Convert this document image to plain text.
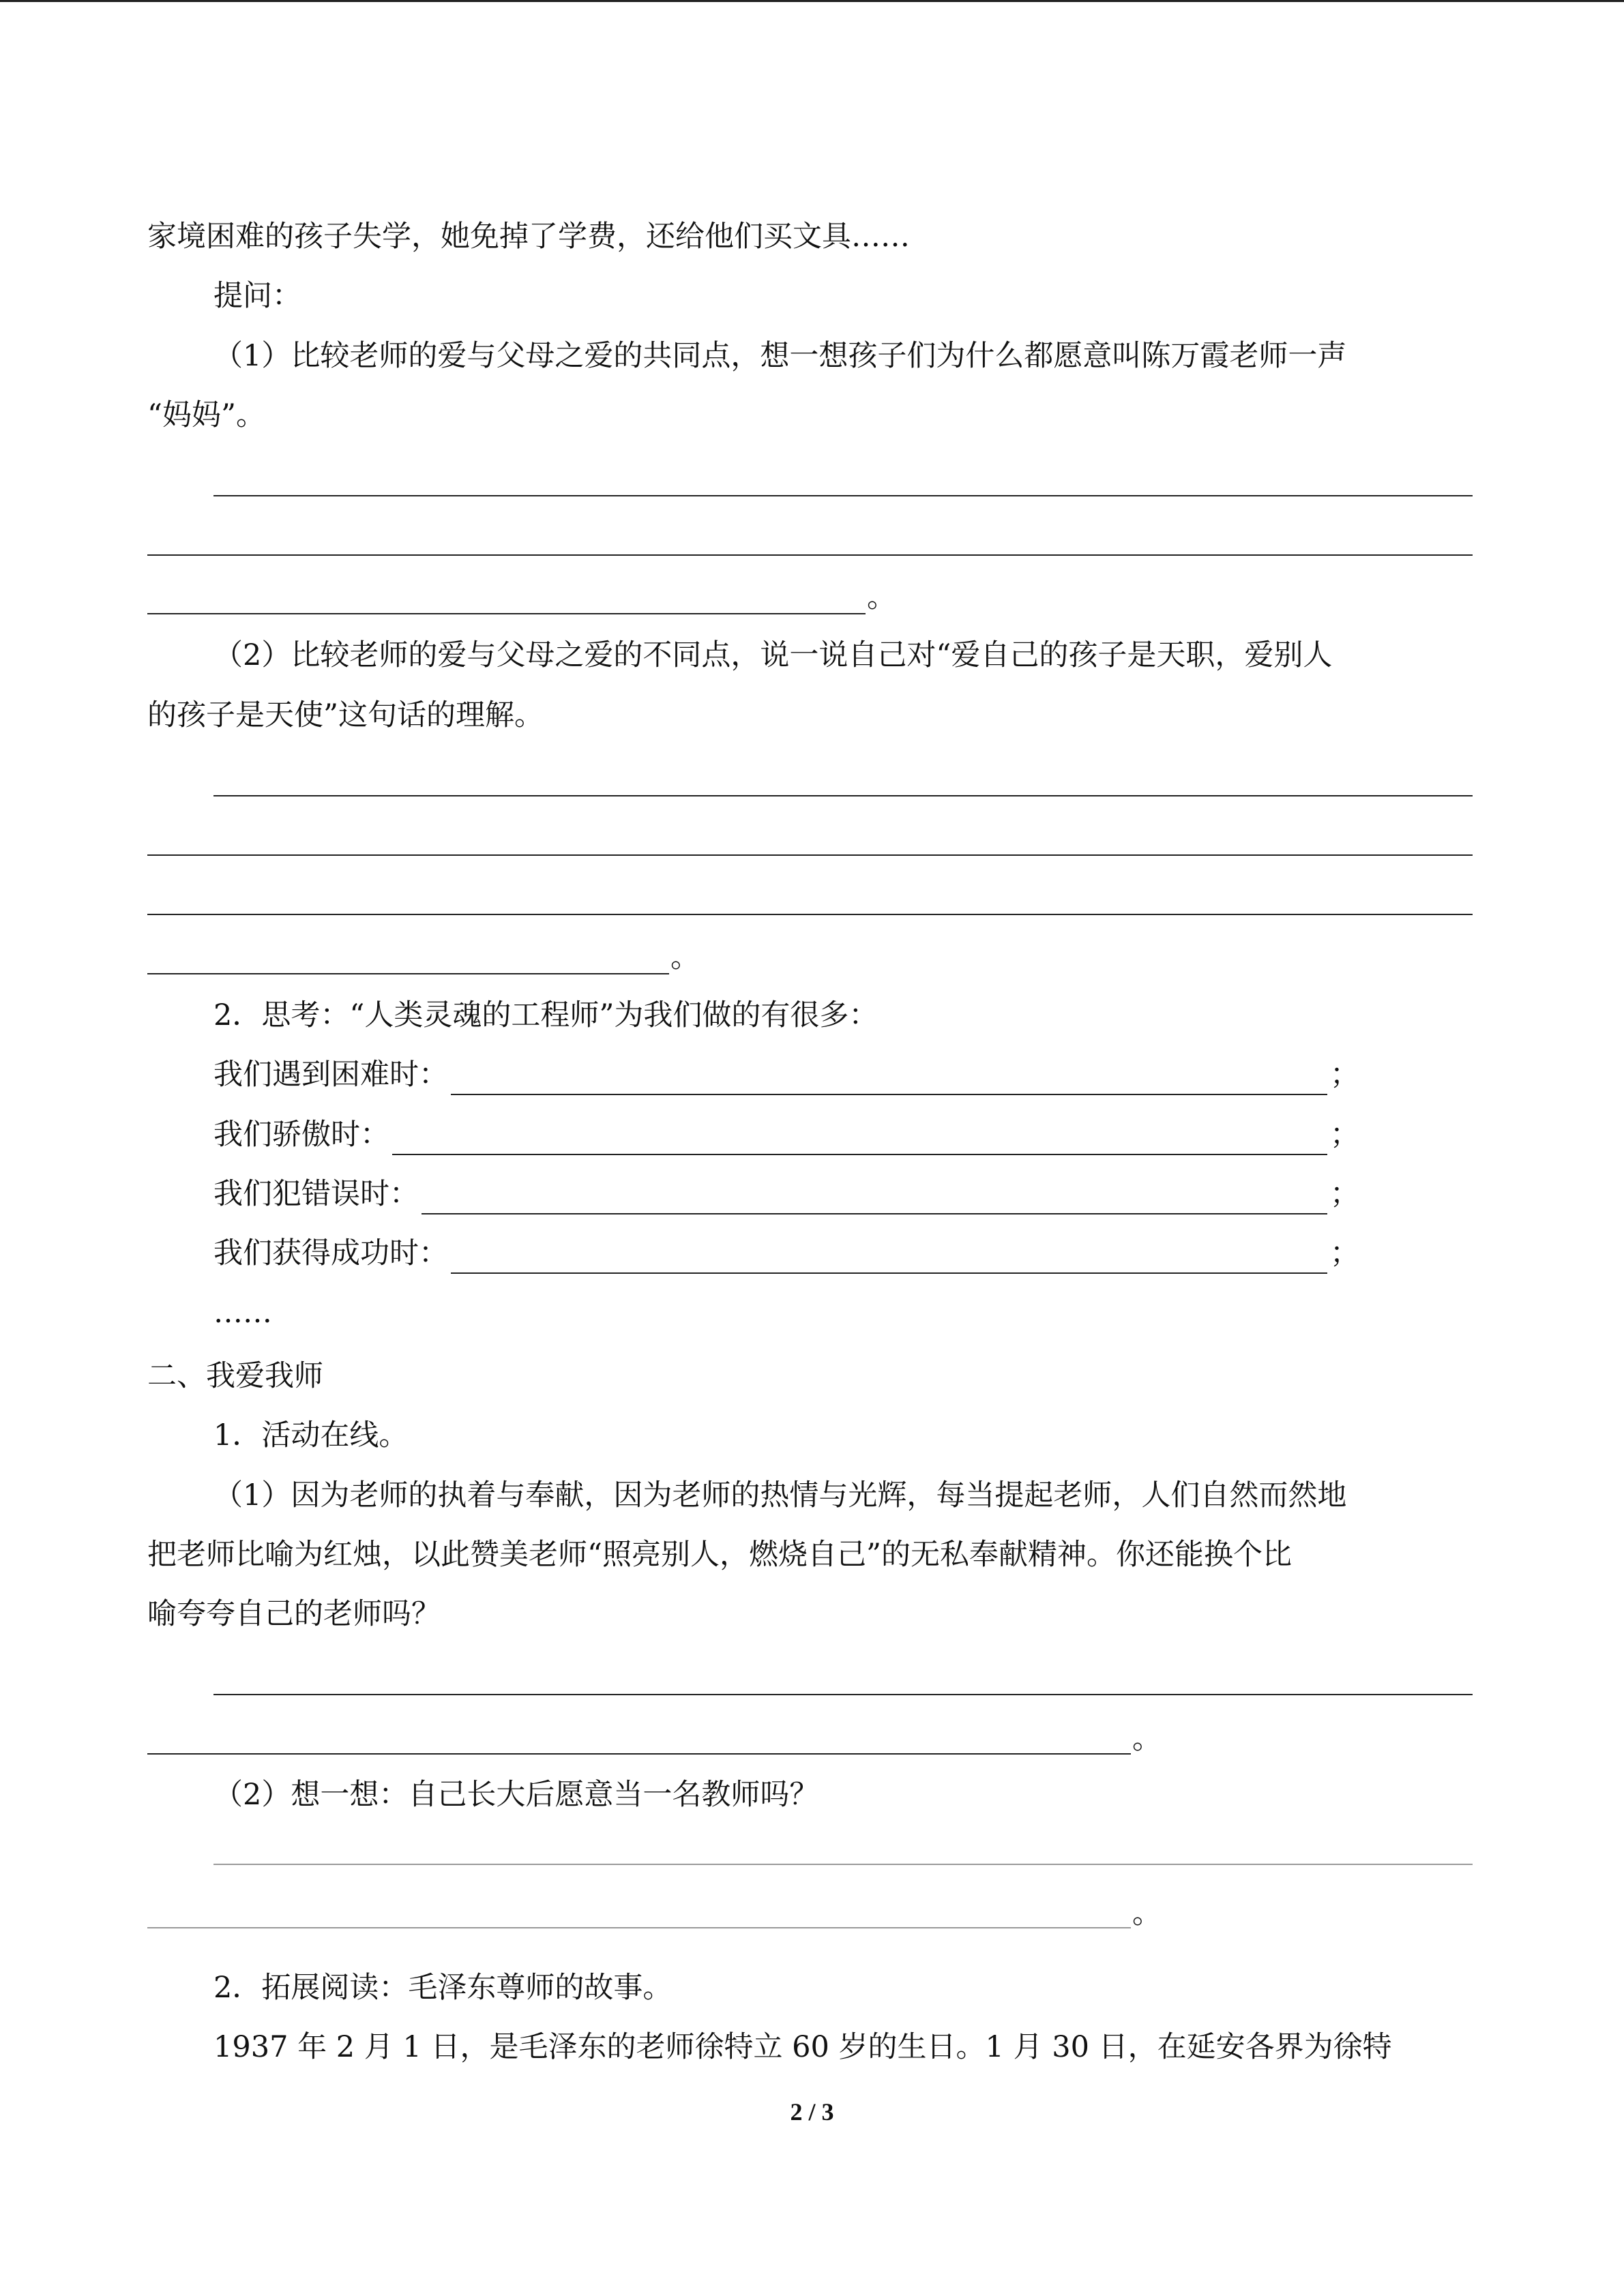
家境困难的孩子失学，她免掉了学费，还给他们买文具……
提问：
（1）比较老师的爱与父母之爱的共同点，想一想孩子们为什么都愿意叫陈万霞老师一声
“妈妈”。
。
（2）比较老师的爱与父母之爱的不同点，说一说自己对“爱自己的孩子是天职，爱别人
的孩子是天使”这句话的理解。
。
2．思考：“人类灵魂的工程师”为我们做的有很多：
我们遇到困难时：	；
我们骄傲时：	；
我们犯错误时：	；
我们获得成功时：	；
……
二、我爱我师
1．活动在线。
（1）因为老师的执着与奉献，因为老师的热情与光辉，每当提起老师，人们自然而然地
把老师比喻为红烛，以此赞美老师“照亮别人，燃烧自己”的无私奉献精神。你还能换个比
喻夸夸自己的老师吗？
。
（2）想一想：自己长大后愿意当一名教师吗？
。
2．拓展阅读：毛泽东尊师的故事。
1937 年 2 月 1 日，是毛泽东的老师徐特立 60 岁的生日。1 月 30 日，在延安各界为徐特
2 / 3
